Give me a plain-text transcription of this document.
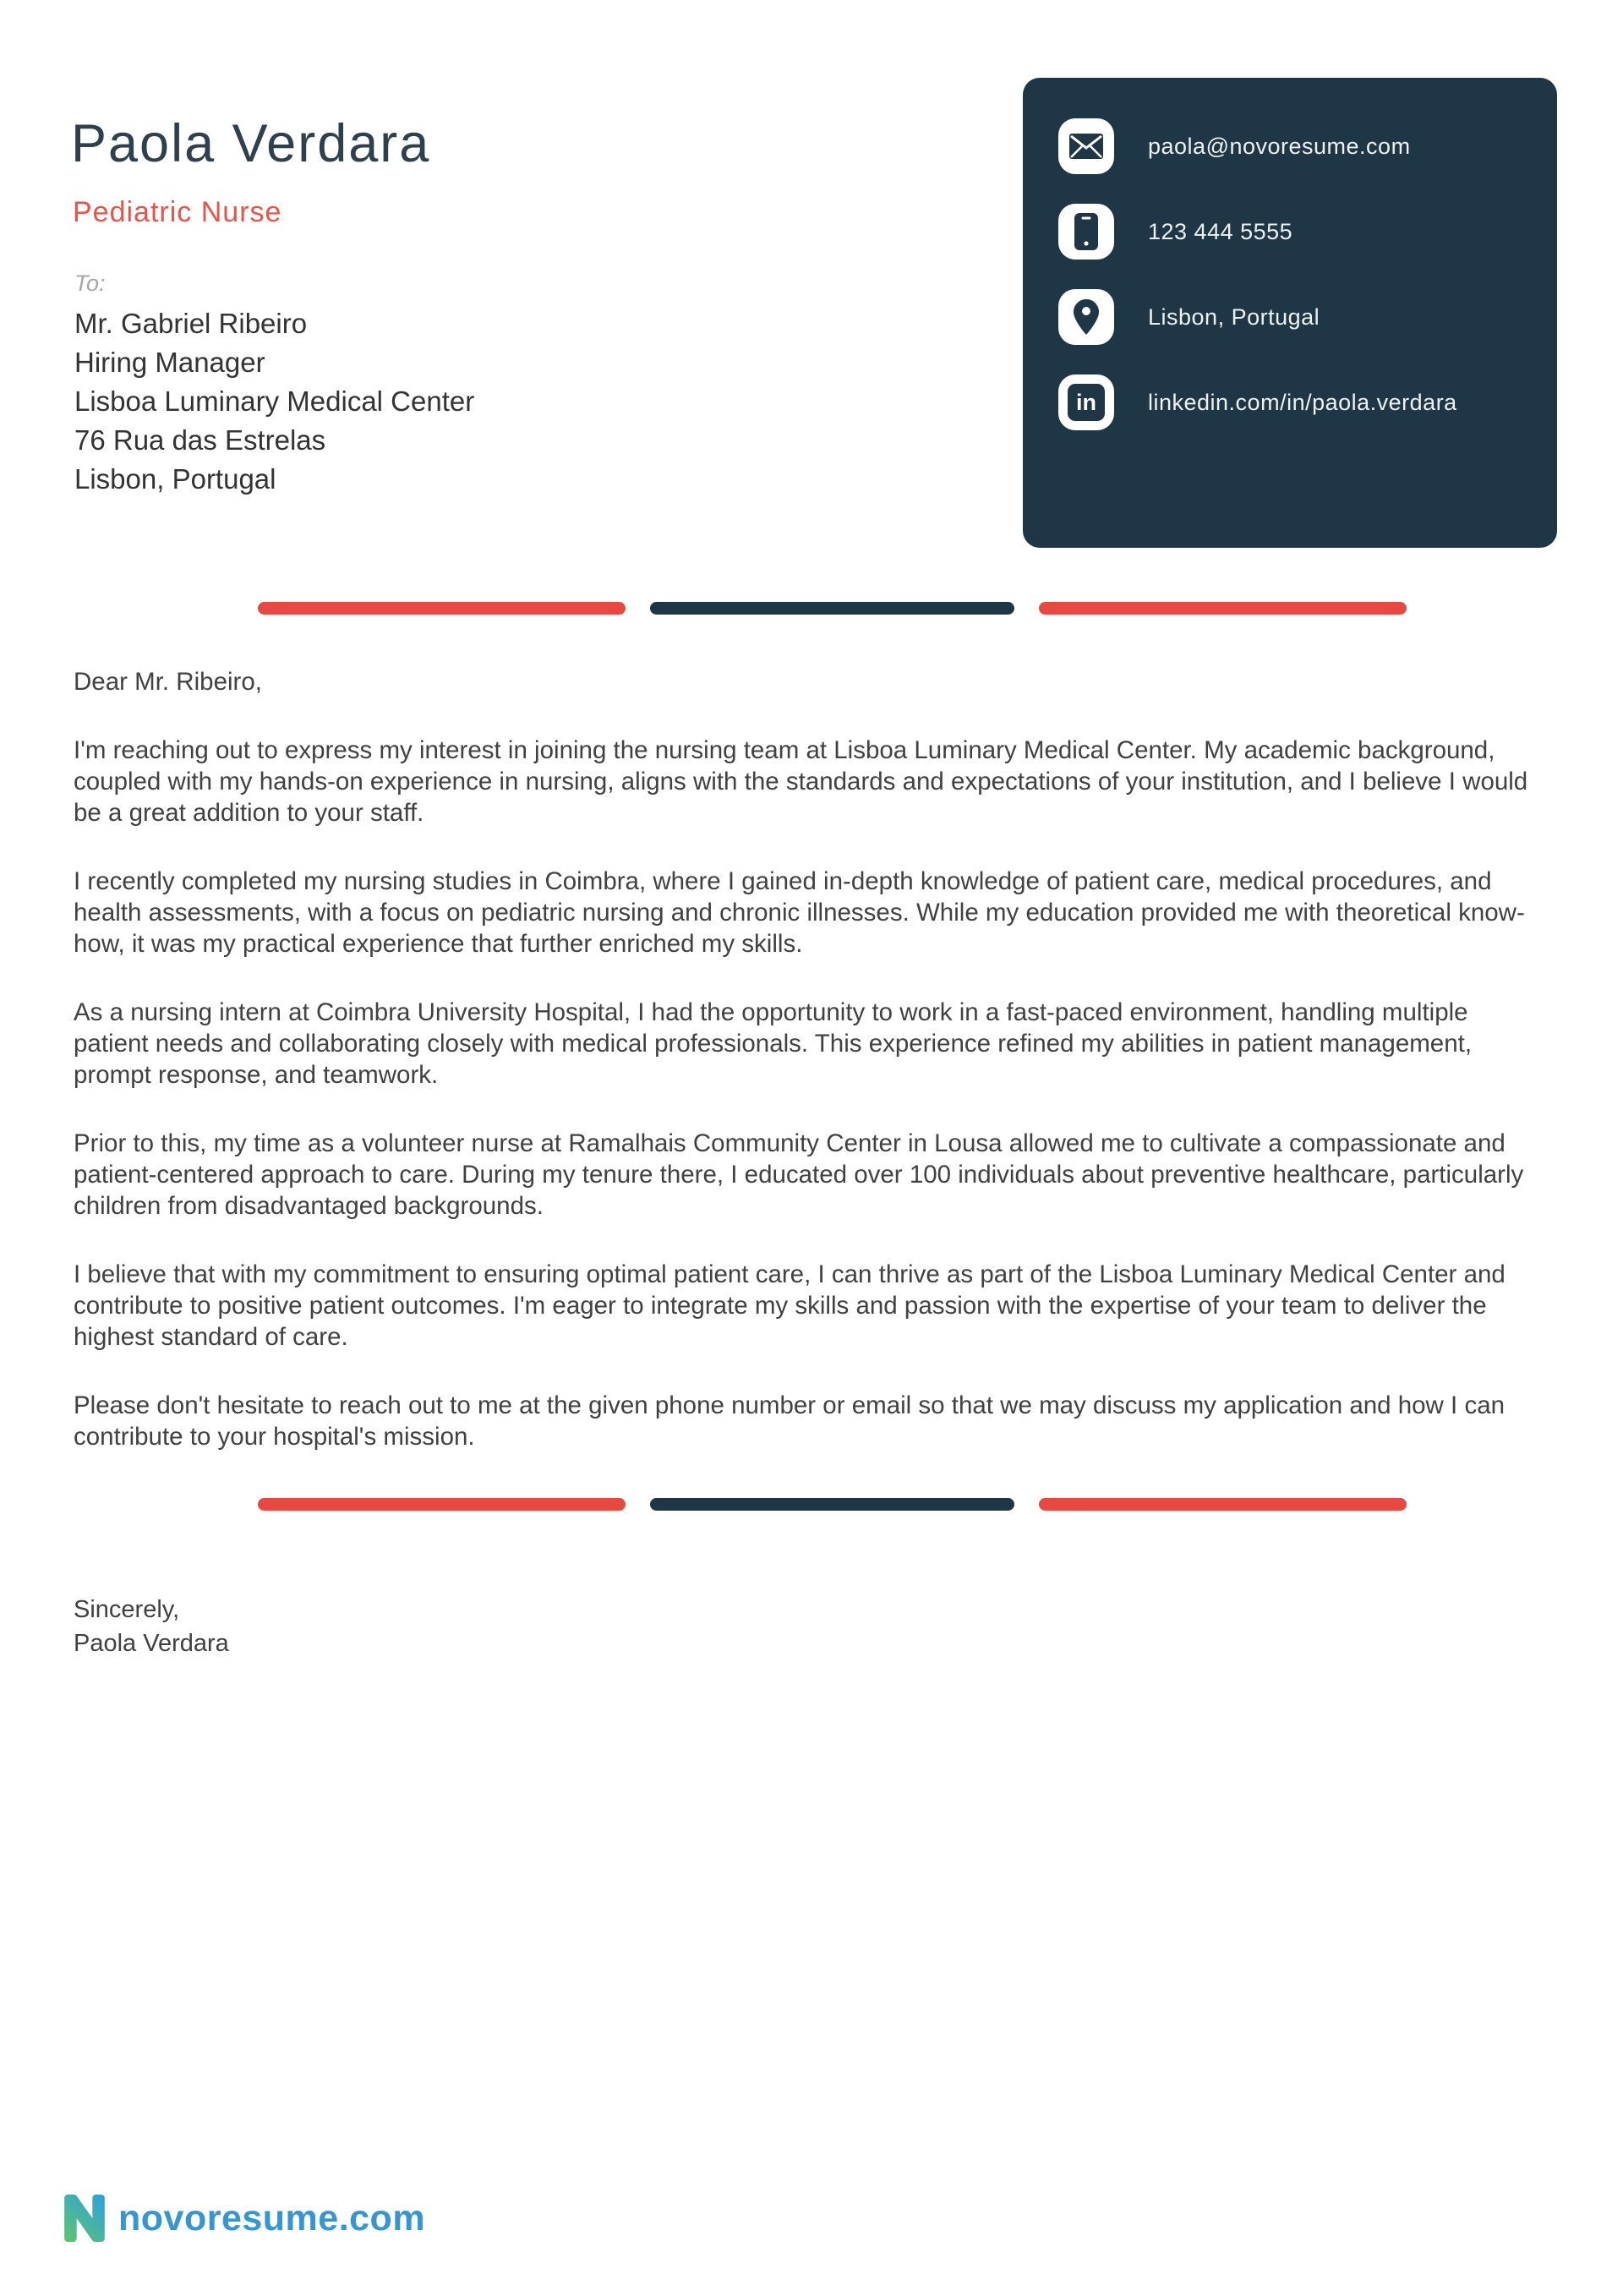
Paola Verdara
Pediatric Nurse
To:
Mr. Gabriel Ribeiro
Hiring Manager
Lisboa Luminary Medical Center
76 Rua das Estrelas
Lisbon, Portugal
paola@novoresume.com
123 444 5555
Lisbon, Portugal
in	linkedin.com/in/paola.verdara

Dear Mr. Ribeiro,

I'm reaching out to express my interest in joining the nursing team at Lisboa Luminary Medical Center. My academic background, coupled with my hands-on experience in nursing, aligns with the standards and expectations of your institution, and I believe I would be a great addition to your staff.

I recently completed my nursing studies in Coimbra, where I gained in-depth knowledge of patient care, medical procedures, and health assessments, with a focus on pediatric nursing and chronic illnesses. While my education provided me with theoretical know-how, it was my practical experience that further enriched my skills.

As a nursing intern at Coimbra University Hospital, I had the opportunity to work in a fast-paced environment, handling multiple patient needs and collaborating closely with medical professionals. This experience refined my abilities in patient management, prompt response, and teamwork.

Prior to this, my time as a volunteer nurse at Ramalhais Community Center in Lousa allowed me to cultivate a compassionate and patient-centered approach to care. During my tenure there, I educated over 100 individuals about preventive healthcare, particularly children from disadvantaged backgrounds.

I believe that with my commitment to ensuring optimal patient care, I can thrive as part of the Lisboa Luminary Medical Center and contribute to positive patient outcomes. I'm eager to integrate my skills and passion with the expertise of your team to deliver the highest standard of care.

Please don't hesitate to reach out to me at the given phone number or email so that we may discuss my application and how I can contribute to your hospital's mission.

Sincerely,
Paola Verdara
novoresume.com
